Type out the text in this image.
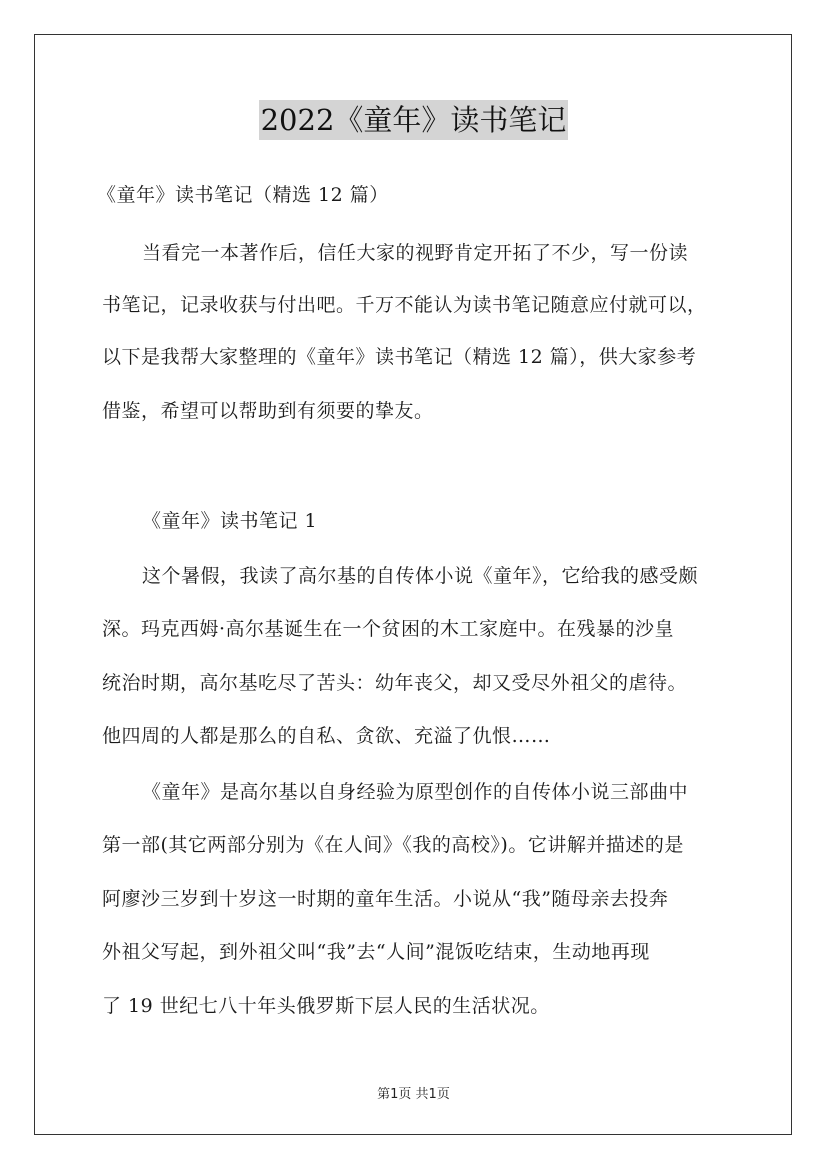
2022《童年》读书笔记
《童年》读书笔记（精选 12 篇）
当看完一本著作后，信任大家的视野肯定开拓了不少，写一份读
书笔记，记录收获与付出吧。千万不能认为读书笔记随意应付就可以，
以下是我帮大家整理的《童年》读书笔记（精选 12 篇），供大家参考
借鉴，希望可以帮助到有须要的挚友。
《童年》读书笔记 1
这个暑假，我读了高尔基的自传体小说《童年》，它给我的感受颇
深。玛克西姆·高尔基诞生在一个贫困的木工家庭中。在残暴的沙皇
统治时期，高尔基吃尽了苦头：幼年丧父，却又受尽外祖父的虐待。
他四周的人都是那么的自私、贪欲、充溢了仇恨……
《童年》是高尔基以自身经验为原型创作的自传体小说三部曲中
第一部(其它两部分别为《在人间》《我的高校》)。它讲解并描述的是
阿廖沙三岁到十岁这一时期的童年生活。小说从“我”随母亲去投奔
外祖父写起，到外祖父叫“我”去“人间”混饭吃结束，生动地再现
了 19 世纪七八十年头俄罗斯下层人民的生活状况。
第1页 共1页
